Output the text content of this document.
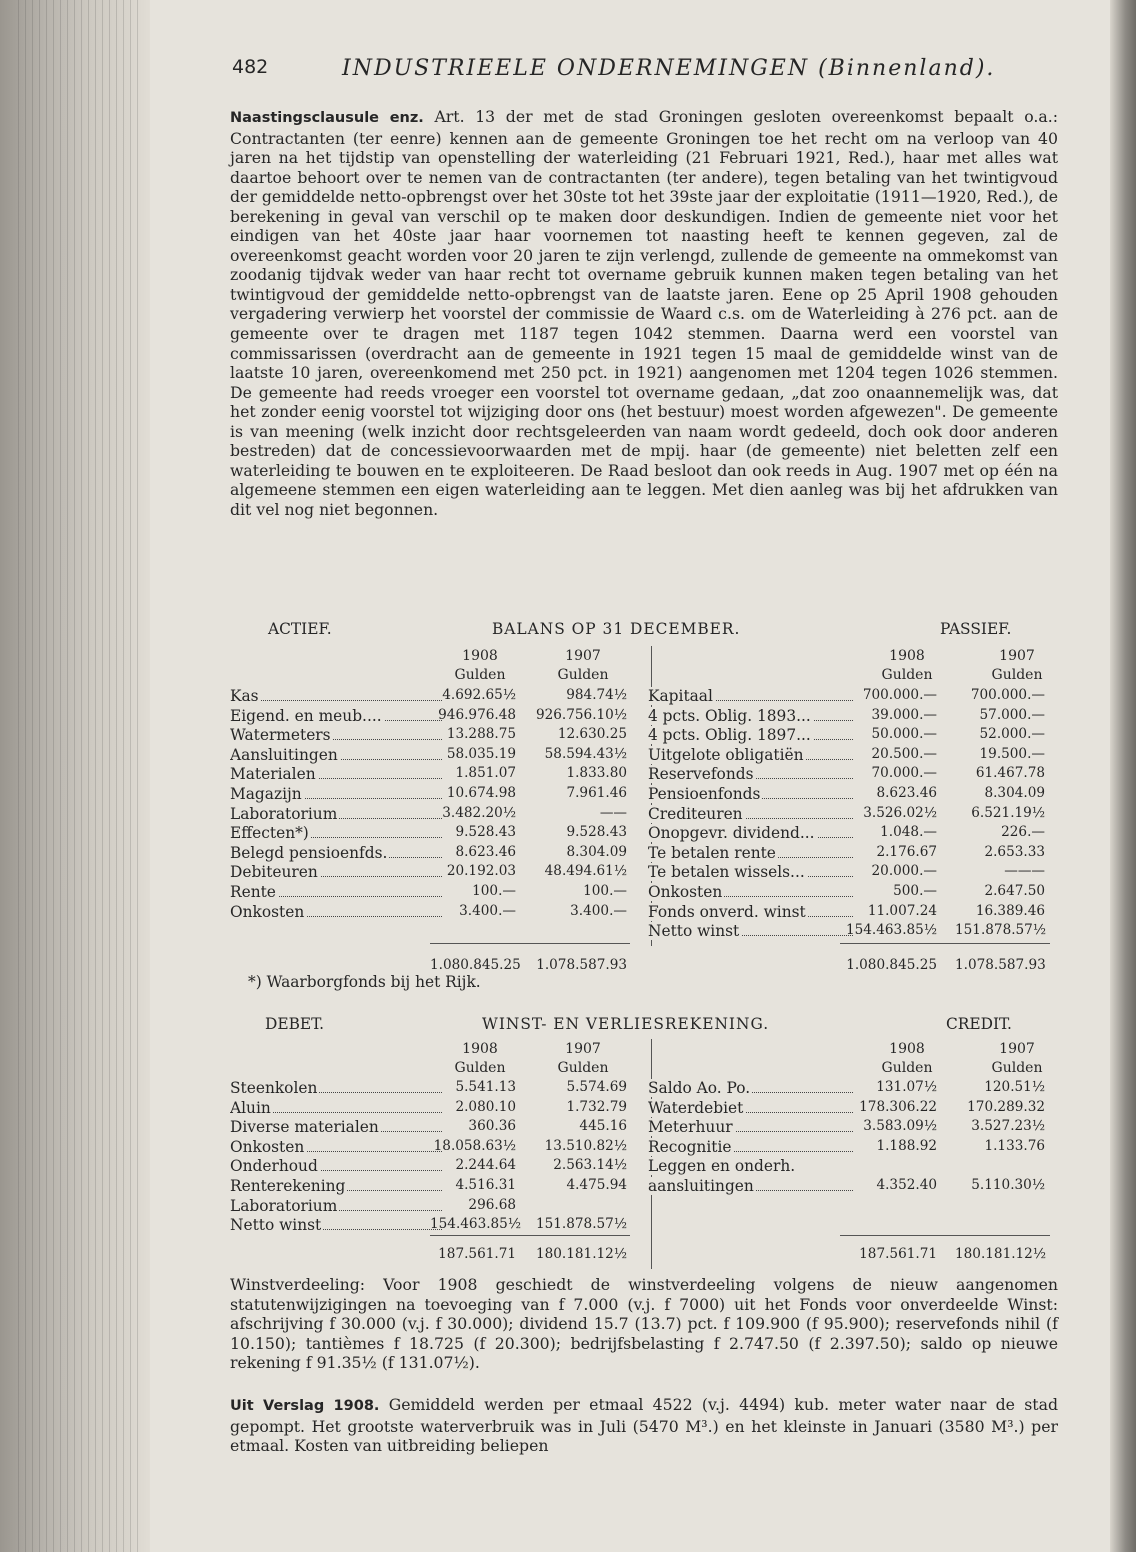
482	INDUSTRIEELE ONDERNEMINGEN (Binnenland).
Naastingsclausule enz. Art. 13 der met de stad Groningen gesloten overeenkomst bepaalt o.a.: Contractanten (ter eenre) kennen aan de gemeente Groningen toe het recht om na verloop van 40 jaren na het tijdstip van openstelling der waterleiding (21 Februari 1921, Red.), haar met alles wat daartoe behoort over te nemen van de contractanten (ter andere), tegen betaling van het twintigvoud der gemiddelde netto-opbrengst over het 30ste tot het 39ste jaar der exploitatie (1911—1920, Red.), de berekening in geval van verschil op te maken door deskundigen. Indien de gemeente niet voor het eindigen van het 40ste jaar haar voornemen tot naasting heeft te kennen gegeven, zal de overeenkomst geacht worden voor 20 jaren te zijn verlengd, zullende de gemeente na ommekomst van zoodanig tijdvak weder van haar recht tot overname gebruik kunnen maken tegen betaling van het twintigvoud der gemiddelde netto-opbrengst van de laatste jaren. Eene op 25 April 1908 gehouden vergadering verwierp het voorstel der commissie de Waard c.s. om de Waterleiding à 276 pct. aan de gemeente over te dragen met 1187 tegen 1042 stemmen. Daarna werd een voorstel van commissarissen (overdracht aan de gemeente in 1921 tegen 15 maal de gemiddelde winst van de laatste 10 jaren, overeenkomend met 250 pct. in 1921) aangenomen met 1204 tegen 1026 stemmen. De gemeente had reeds vroeger een voorstel tot overname gedaan, „dat zoo onaannemelijk was, dat het zonder eenig voorstel tot wijziging door ons (het bestuur) moest worden afgewezen". De gemeente is van meening (welk inzicht door rechtsgeleerden van naam wordt gedeeld, doch ook door anderen bestreden) dat de concessievoorwaarden met de mpij. haar (de gemeente) niet beletten zelf een waterleiding te bouwen en te exploiteeren. De Raad besloot dan ook reeds in Aug. 1907 met op één na algemeene stemmen een eigen waterleiding aan te leggen. Met dien aanleg was bij het afdrukken van dit vel nog niet begonnen.
ACTIEF.	BALANS OP 31 DECEMBER.	PASSIEF.
1908	1907
Gulden	Gulden
1908	1907
Gulden	Gulden
Kas	4.692.65½	984.74½
Eigend. en meub....	946.976.48	926.756.10½
Watermeters	13.288.75	12.630.25
Aansluitingen	58.035.19	58.594.43½
Materialen	1.851.07	1.833.80
Magazijn	10.674.98	7.961.46
Laboratorium	3.482.20½	——
Effecten*)	9.528.43	9.528.43
Belegd pensioenfds.	8.623.46	8.304.09
Debiteuren	20.192.03	48.494.61½
Rente	100.—	100.—
Onkosten	3.400.—	3.400.—
Kapitaal	700.000.—	700.000.—
4 pcts. Oblig. 1893...	39.000.—	57.000.—
4 pcts. Oblig. 1897...	50.000.—	52.000.—
Uitgelote obligatiën	20.500.—	19.500.—
Reservefonds	70.000.—	61.467.78
Pensioenfonds	8.623.46	8.304.09
Crediteuren	3.526.02½	6.521.19½
Onopgevr. dividend...	1.048.—	226.—
Te betalen rente	2.176.67	2.653.33
Te betalen wissels...	20.000.—	———
Onkosten	500.—	2.647.50
Fonds onverd. winst	11.007.24	16.389.46
Netto winst	154.463.85½ 151.878.57½
1.080.845.25	1.078.587.93	1.080.845.25 1.078.587.93
*) Waarborgfonds bij het Rijk.
DEBET.	WINST- EN VERLIESREKENING.	CREDIT.
1908	1907
Gulden	Gulden
1908	1907
Gulden	Gulden
Steenkolen	5.541.13	5.574.69
Aluin	2.080.10	1.732.79
Diverse materialen	360.36	445.16
Onkosten	18.058.63½	13.510.82½
Onderhoud	2.244.64	2.563.14½
Renterekening	4.516.31	4.475.94
Laboratorium	296.68
Netto winst	154.463.85½	151.878.57½
Saldo Ao. Po.	131.07½	120.51½
Waterdebiet	178.306.22	170.289.32
Meterhuur	3.583.09½	3.527.23½
Recognitie	1.188.92	1.133.76
Leggen en onderh.
aansluitingen	4.352.40	5.110.30½
187.561.71	180.181.12½	187.561.71 180.181.12½
Winstverdeeling: Voor 1908 geschiedt de winstverdeeling volgens de nieuw aangenomen statutenwijzigingen na toevoeging van f 7.000 (v.j. f 7000) uit het Fonds voor onverdeelde Winst: afschrijving f 30.000 (v.j. f 30.000); dividend 15.7 (13.7) pct. f 109.900 (f 95.900); reservefonds nihil (f 10.150); tantièmes f 18.725 (f 20.300); bedrijfsbelasting f 2.747.50 (f 2.397.50); saldo op nieuwe rekening f 91.35½ (f 131.07½).
Uit Verslag 1908. Gemiddeld werden per etmaal 4522 (v.j. 4494) kub. meter water naar de stad gepompt. Het grootste waterverbruik was in Juli (5470 M³.) en het kleinste in Januari (3580 M³.) per etmaal. Kosten van uitbreiding beliepen
